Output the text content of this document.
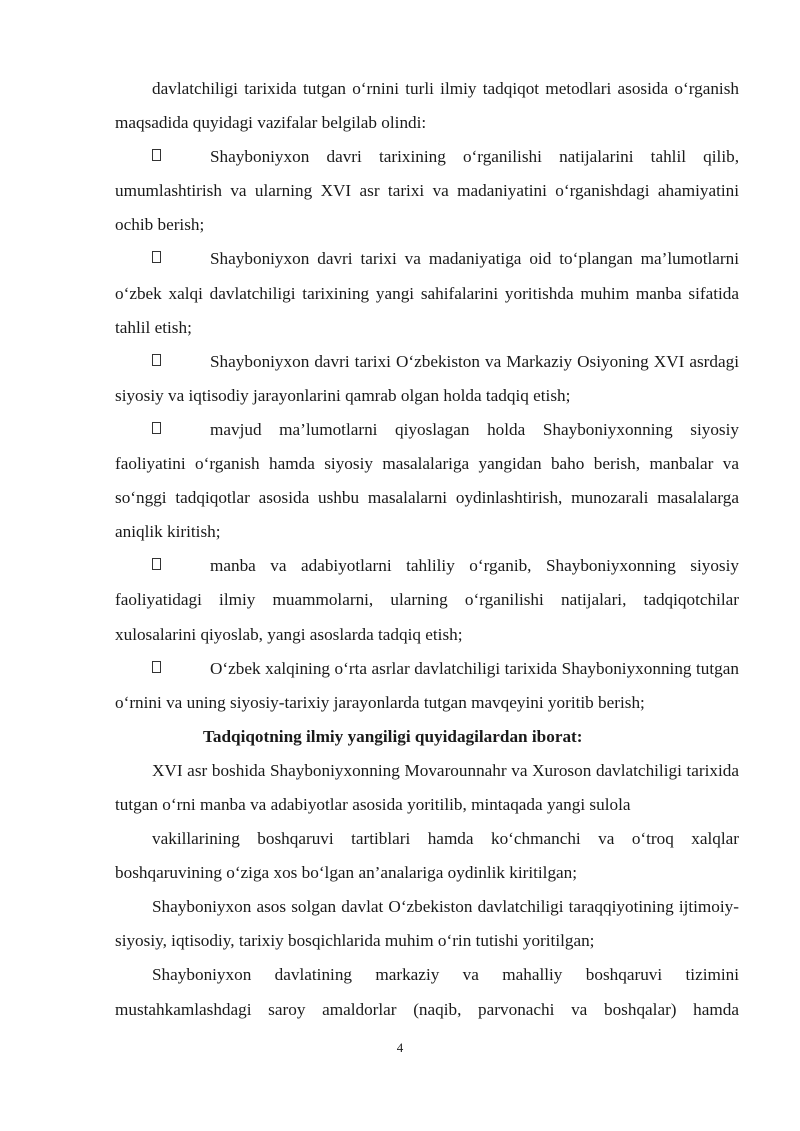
davlatchiligi tarixida tutgan o‘rnini turli ilmiy tadqiqot metodlari asosida o‘rganish maqsadida quyidagi vazifalar belgilab olindi:

Shayboniyxon davri tarixining o‘rganilishi natijalarini tahlil qilib, umumlashtirish va ularning XVI asr tarixi va madaniyatini o‘rganishdagi ahamiyatini ochib berish;

Shayboniyxon davri tarixi va madaniyatiga oid to‘plangan ma’lumotlarni o‘zbek xalqi davlatchiligi tarixining yangi sahifalarini yoritishda muhim manba sifatida tahlil etish;

Shayboniyxon davri tarixi O‘zbekiston va Markaziy Osiyoning XVI asrdagi siyosiy va iqtisodiy jarayonlarini qamrab olgan holda tadqiq etish;

mavjud ma’lumotlarni qiyoslagan holda Shayboniyxonning siyosiy faoliyatini o‘rganish hamda siyosiy masalalariga yangidan baho berish, manbalar va so‘nggi tadqiqotlar asosida ushbu masalalarni oydinlashtirish, munozarali masalalarga aniqlik kiritish;

manba va adabiyotlarni tahliliy o‘rganib, Shayboniyxonning siyosiy faoliyatidagi ilmiy muammolarni, ularning o‘rganilishi natijalari, tadqiqotchilar xulosalarini qiyoslab, yangi asoslarda tadqiq etish;

O‘zbek xalqining o‘rta asrlar davlatchiligi tarixida Shayboniyxonning tutgan o‘rnini va uning siyosiy-tarixiy jarayonlarda tutgan mavqeyini yoritib berish;

Tadqiqotning ilmiy yangiligi quyidagilardan iborat:

XVI asr boshida Shayboniyxonning Movarounnahr va Xuroson davlatchiligi tarixida tutgan o‘rni manba va adabiyotlar asosida yoritilib, mintaqada yangi sulola

vakillarining boshqaruvi tartiblari hamda ko‘chmanchi va o‘troq xalqlar boshqaruvining o‘ziga xos bo‘lgan an’analariga oydinlik kiritilgan;

Shayboniyxon asos solgan davlat O‘zbekiston davlatchiligi taraqqiyotining ijtimoiy-siyosiy, iqtisodiy, tarixiy bosqichlarida muhim o‘rin tutishi yoritilgan;

Shayboniyxon davlatining markaziy va mahalliy boshqaruvi tizimini mustahkamlashdagi saroy amaldorlar (naqib, parvonachi va boshqalar) hamda

4
